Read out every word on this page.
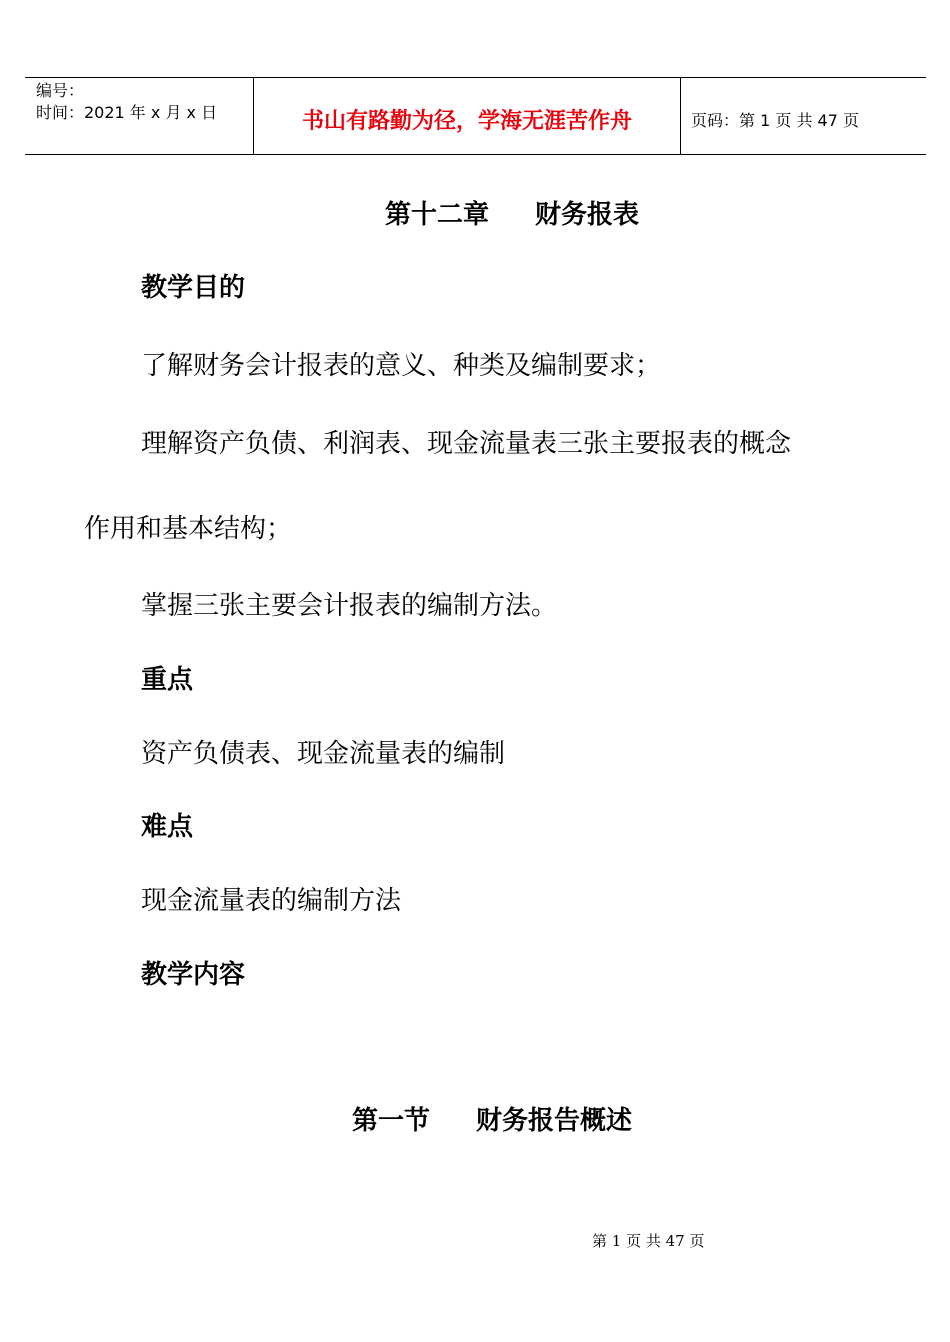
编号：
时间：2021 年 x 月 x 日	书山有路勤为径，学海无涯苦作舟	页码：第 1 页 共 47 页
第十二章 财务报表
教学目的
了解财务会计报表的意义、种类及编制要求；
理解资产负债、利润表、现金流量表三张主要报表的概念
作用和基本结构；
掌握三张主要会计报表的编制方法。
重点
资产负债表、现金流量表的编制
难点
现金流量表的编制方法
教学内容
第一节 财务报告概述
第 1 页 共 47 页
